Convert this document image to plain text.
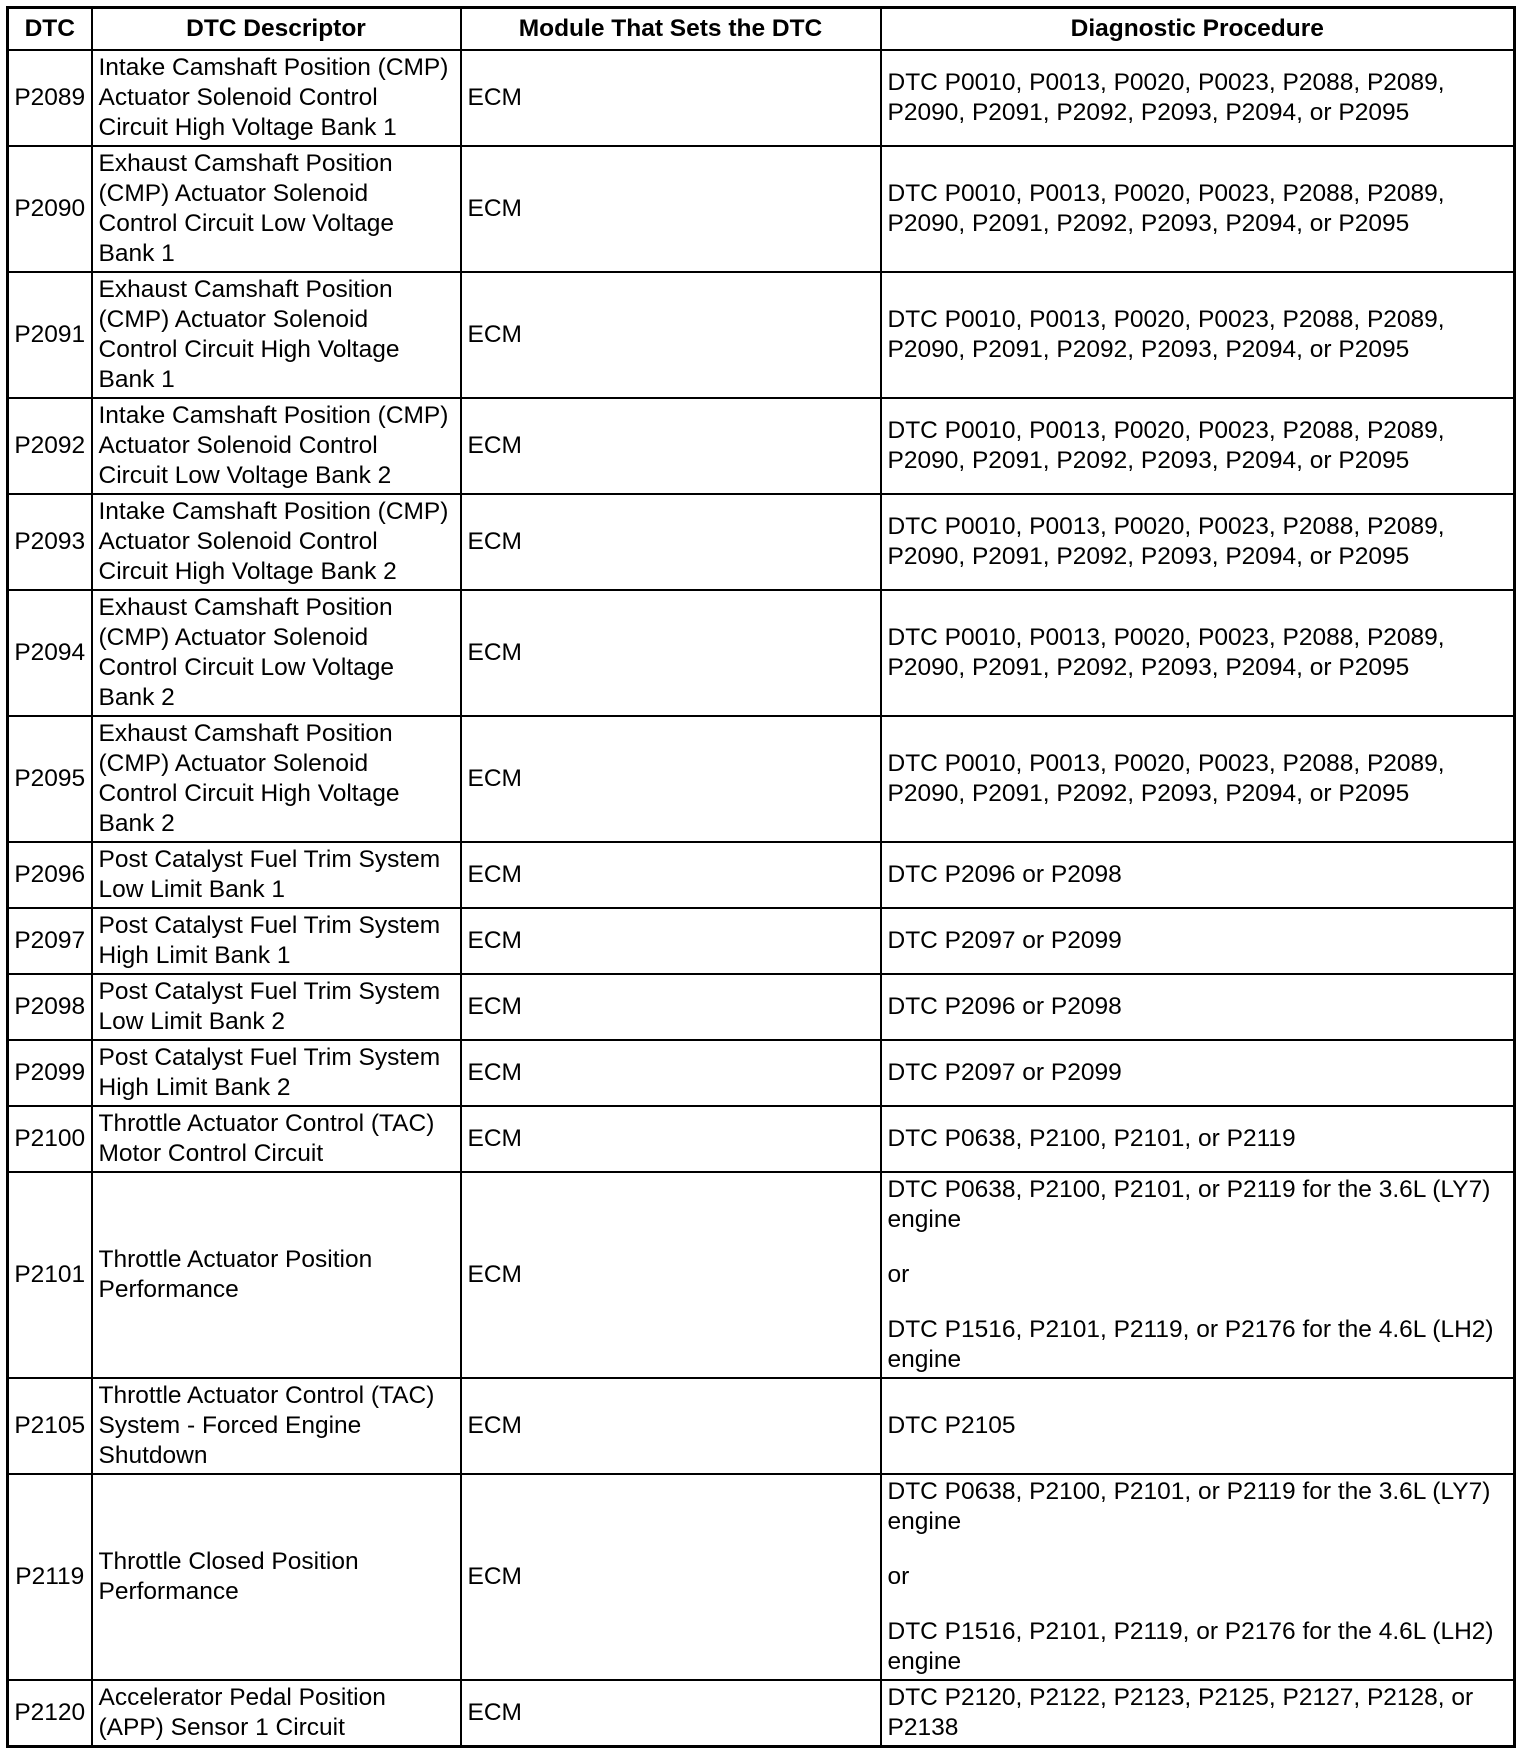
DTC	DTC Descriptor	Module That Sets the DTC	Diagnostic Procedure
P2089	Intake Camshaft Position (CMP) Actuator Solenoid Control Circuit High Voltage Bank 1	ECM	DTC P0010, P0013, P0020, P0023, P2088, P2089, P2090, P2091, P2092, P2093, P2094, or P2095

P2090	Exhaust Camshaft Position (CMP) Actuator Solenoid Control Circuit Low Voltage Bank 1	ECM	DTC P0010, P0013, P0020, P0023, P2088, P2089, P2090, P2091, P2092, P2093, P2094, or P2095

P2091	Exhaust Camshaft Position (CMP) Actuator Solenoid Control Circuit High Voltage Bank 1	ECM	DTC P0010, P0013, P0020, P0023, P2088, P2089, P2090, P2091, P2092, P2093, P2094, or P2095

P2092	Intake Camshaft Position (CMP) Actuator Solenoid Control Circuit Low Voltage Bank 2	ECM	DTC P0010, P0013, P0020, P0023, P2088, P2089, P2090, P2091, P2092, P2093, P2094, or P2095

P2093	Intake Camshaft Position (CMP) Actuator Solenoid Control Circuit High Voltage Bank 2	ECM	DTC P0010, P0013, P0020, P0023, P2088, P2089, P2090, P2091, P2092, P2093, P2094, or P2095

P2094	Exhaust Camshaft Position (CMP) Actuator Solenoid Control Circuit Low Voltage Bank 2	ECM	DTC P0010, P0013, P0020, P0023, P2088, P2089, P2090, P2091, P2092, P2093, P2094, or P2095

P2095	Exhaust Camshaft Position (CMP) Actuator Solenoid Control Circuit High Voltage Bank 2	ECM	DTC P0010, P0013, P0020, P0023, P2088, P2089, P2090, P2091, P2092, P2093, P2094, or P2095

P2096	Post Catalyst Fuel Trim System Low Limit Bank 1	ECM	DTC P2096 or P2098

P2097	Post Catalyst Fuel Trim System High Limit Bank 1	ECM	DTC P2097 or P2099

P2098	Post Catalyst Fuel Trim System Low Limit Bank 2	ECM	DTC P2096 or P2098

P2099	Post Catalyst Fuel Trim System High Limit Bank 2	ECM	DTC P2097 or P2099

P2100	Throttle Actuator Control (TAC) Motor Control Circuit	ECM	DTC P0638, P2100, P2101, or P2119

P2101	Throttle Actuator Position Performance	ECM	DTC P0638, P2100, P2101, or P2119 for the 3.6L (LY7) engine
or
DTC P1516, P2101, P2119, or P2176 for the 4.6L (LH2) engine

P2105	Throttle Actuator Control (TAC) System - Forced Engine Shutdown	ECM	DTC P2105

P2119	Throttle Closed Position Performance	ECM	DTC P0638, P2100, P2101, or P2119 for the 3.6L (LY7) engine
or
DTC P1516, P2101, P2119, or P2176 for the 4.6L (LH2) engine

P2120	Accelerator Pedal Position (APP) Sensor 1 Circuit	ECM	DTC P2120, P2122, P2123, P2125, P2127, P2128, or P2138
